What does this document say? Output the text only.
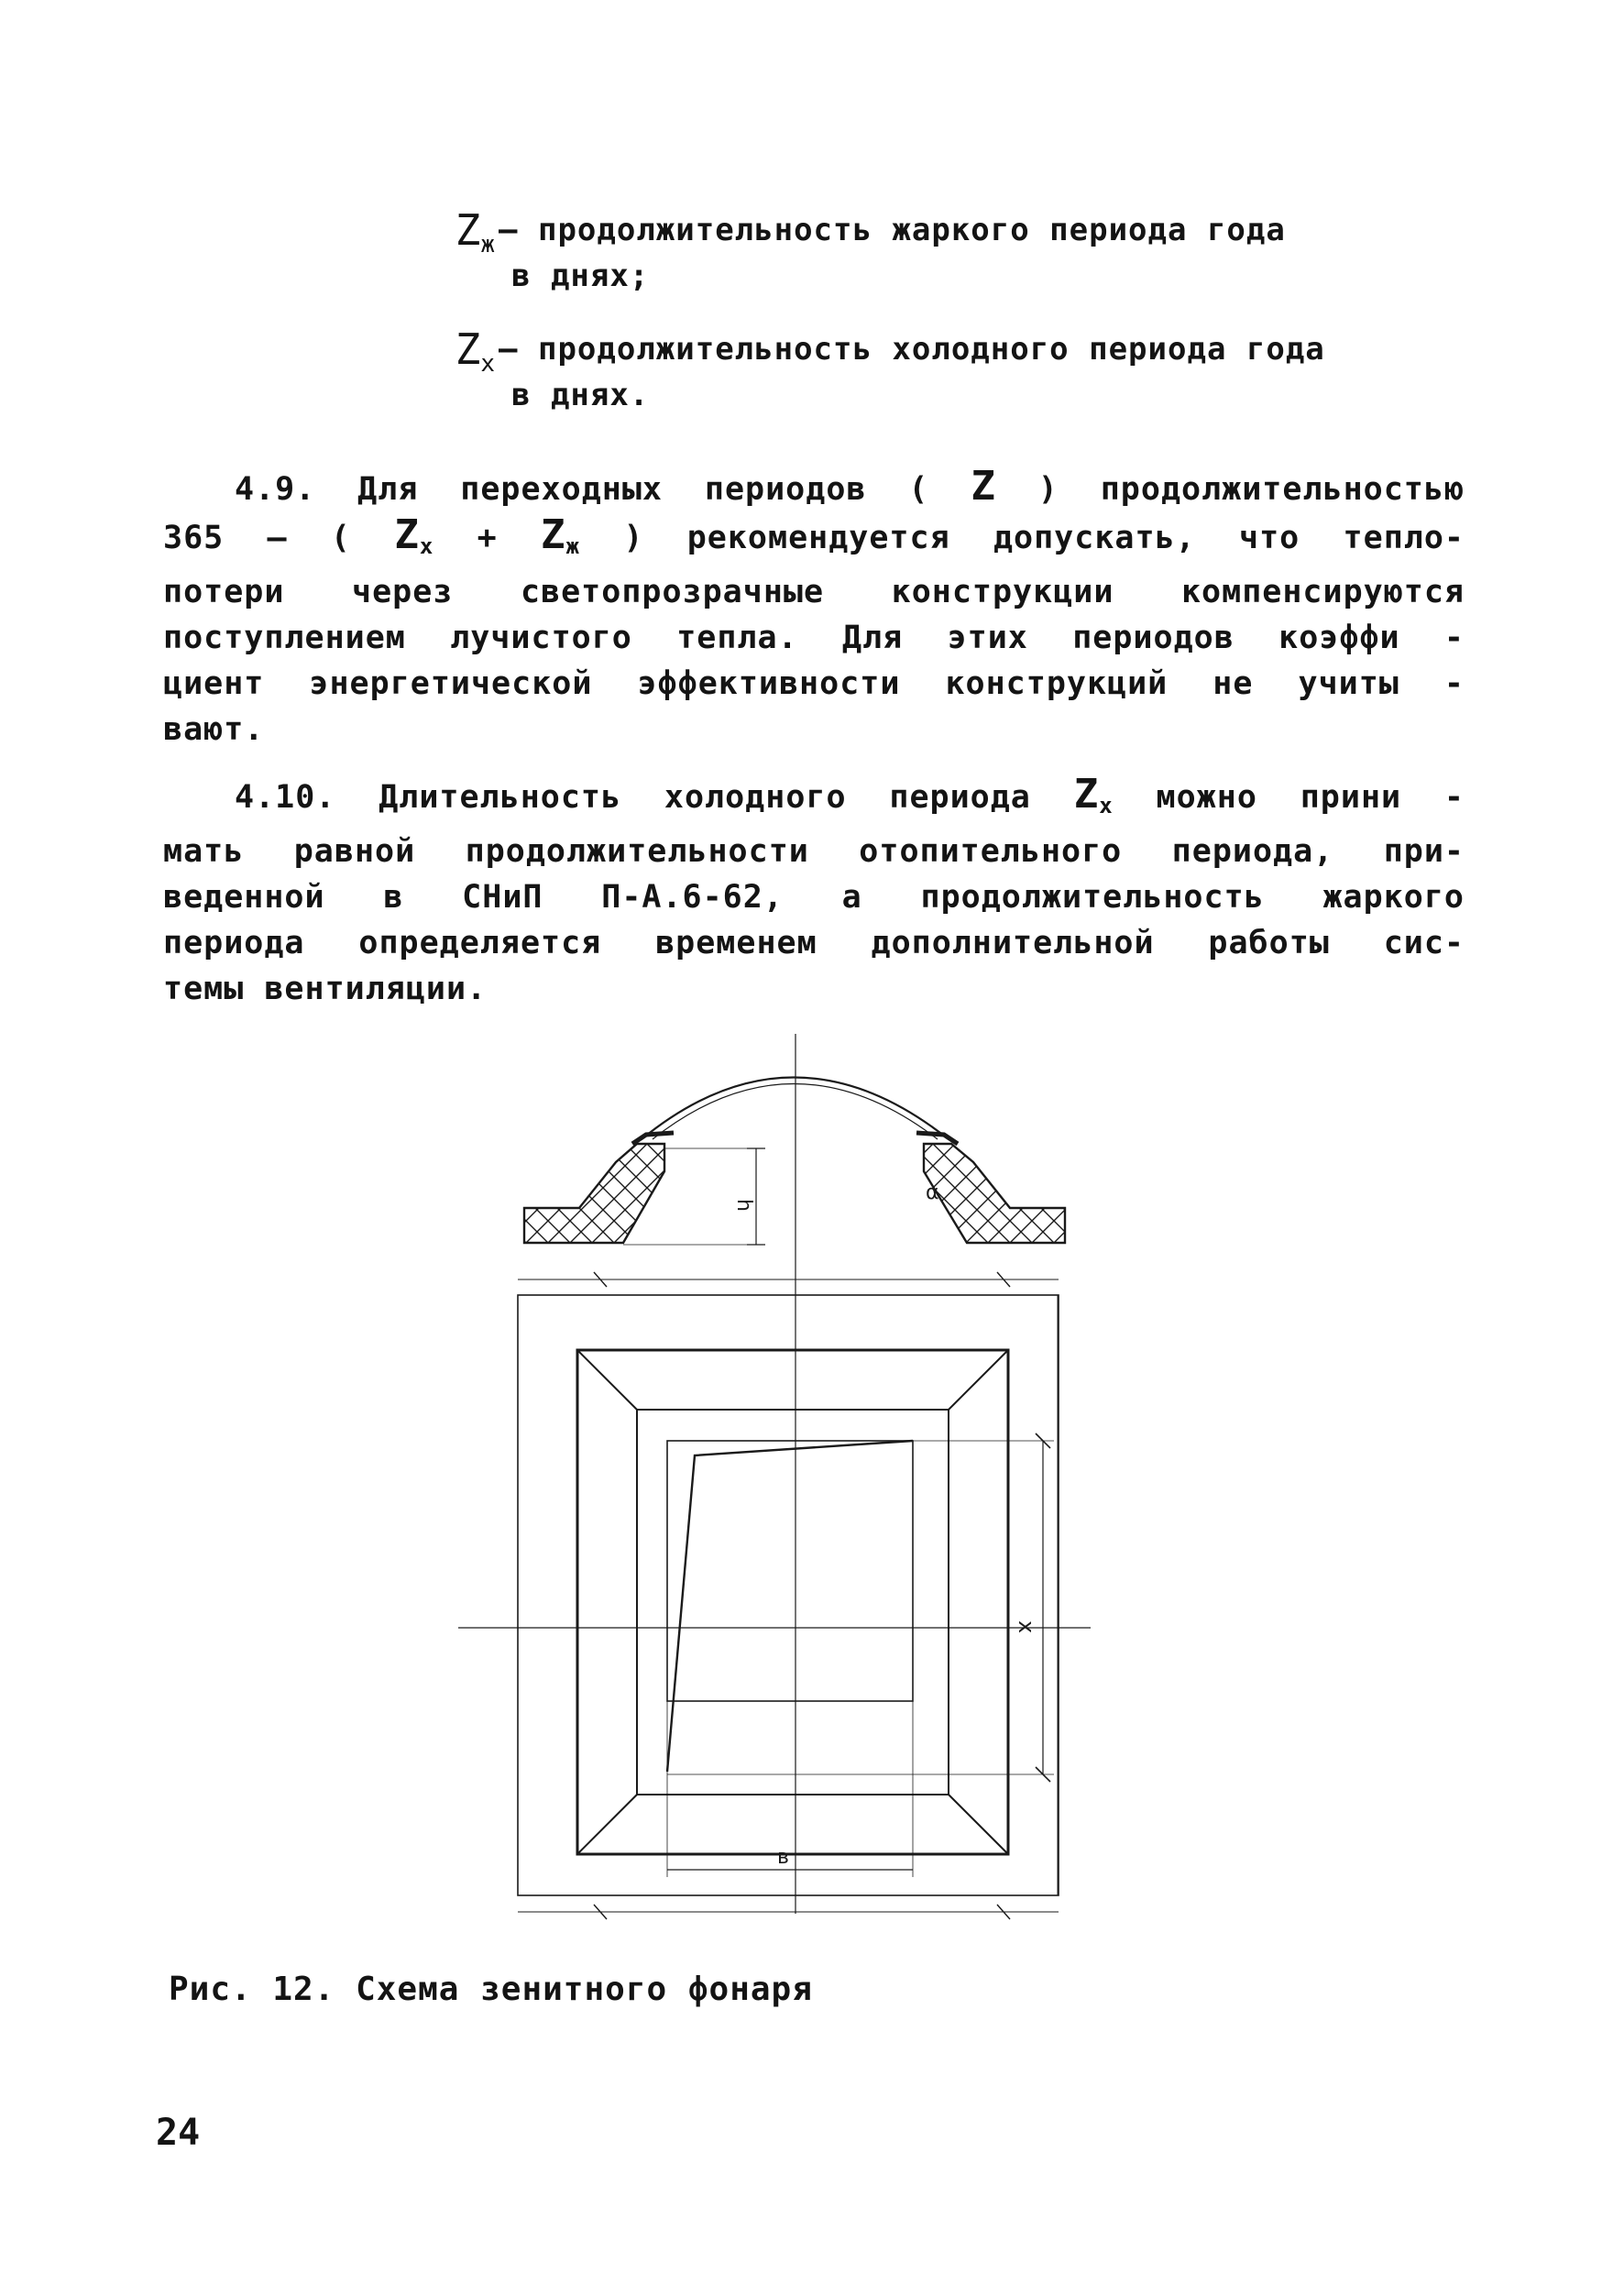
$Z_ж$ – продолжительность жаркого периода года
в днях;
$Z_х$ – продолжительность холодного периода года
в днях.
4.9. Для переходных периодов ( Z ) продолжительностью
365 – ( $Z_х + Z_ж$ ) рекомендуется допускать, что тепло-
потери через светопрозрачные конструкции компенсируются
поступлением лучистого тепла. Для этих периодов коэффи -
циент энергетической эффективности конструкций не учиты -
вают.
4.10. Длительность холодного периода $Z_х$ можно прини -
мать равной продолжительности отопительного периода, при-
веденной в СНиП П-А.6-62, а продолжительность жаркого
периода определяется временем дополнительной работы сис-
темы вентиляции.
h
α
х
в
Рис. 12. Схема зенитного фонаря
24
